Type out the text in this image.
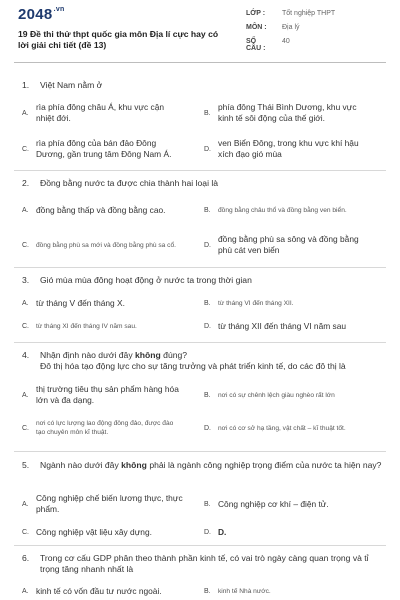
$2048^{.vn}$
19 Đề thi thử thpt quốc gia môn Địa lí cực hay có lời giải chi tiết (đề 13)
LỚP :	Tốt nghiệp THPT
MÔN :	Địa lý
SỐ CÂU :
40
1. Việt Nam nằm ở
A.
rìa phía đông châu Á, khu vực cận nhiệt đới.	B.
phía đông Thái Bình Dương, khu vực kinh tế sôi động của thế giới.
C.
rìa phía đông của bán đảo Đông Dương, gần trung tâm Đông Nam Á.	D.
ven Biển Đông, trong khu vực khí hậu xích đạo gió mùa
2. Đồng bằng nước ta được chia thành hai loại là
A. đồng bằng thấp và đồng bằng cao.	B.	đồng bằng châu thổ và đồng bằng ven biển.
C.	đồng bằng phù sa mới và đồng bằng phù sa cổ.	D.
đồng bằng phù sa sông và đồng bằng phù cát ven biển
3. Gió mùa mùa đông hoạt động ở nước ta trong thời gian
A. từ tháng V đến tháng X.	B.	từ tháng VI đến tháng XII.
C.	từ tháng XI đến tháng IV năm sau.	D. từ tháng XII đến tháng VI năm sau
4. Nhận định nào dưới đây không đúng?
Đô thị hóa tạo động lực cho sự tăng trưởng và phát triển kinh tế, do các đô thị là
A.
thị trường tiêu thụ sản phẩm hàng hóa lớn và đa dạng.	B.	nơi có sự chênh lệch giàu nghèo rất lớn
C.
nơi có lực lượng lao động đông đảo, được đào tạo chuyên môn kĩ thuật.
D.	nơi có cơ sở hạ tầng, vật chất – kĩ thuật tốt.
5. Ngành nào dưới đây không phải là ngành công nghiệp trọng điểm của nước ta hiện nay?
A.
Công nghiệp chế biến lương thực, thực phẩm.	B. Công nghiệp cơ khí – điện tử.
C. Công nghiệp vật liệu xây dựng.	D. D.
6. Trong cơ cấu GDP phân theo thành phần kinh tế, có vai trò ngày càng quan trọng và tỉ trọng tăng nhanh nhất là
A. kinh tế có vốn đầu tư nước ngoài.	B.	kinh tế Nhà nước.
